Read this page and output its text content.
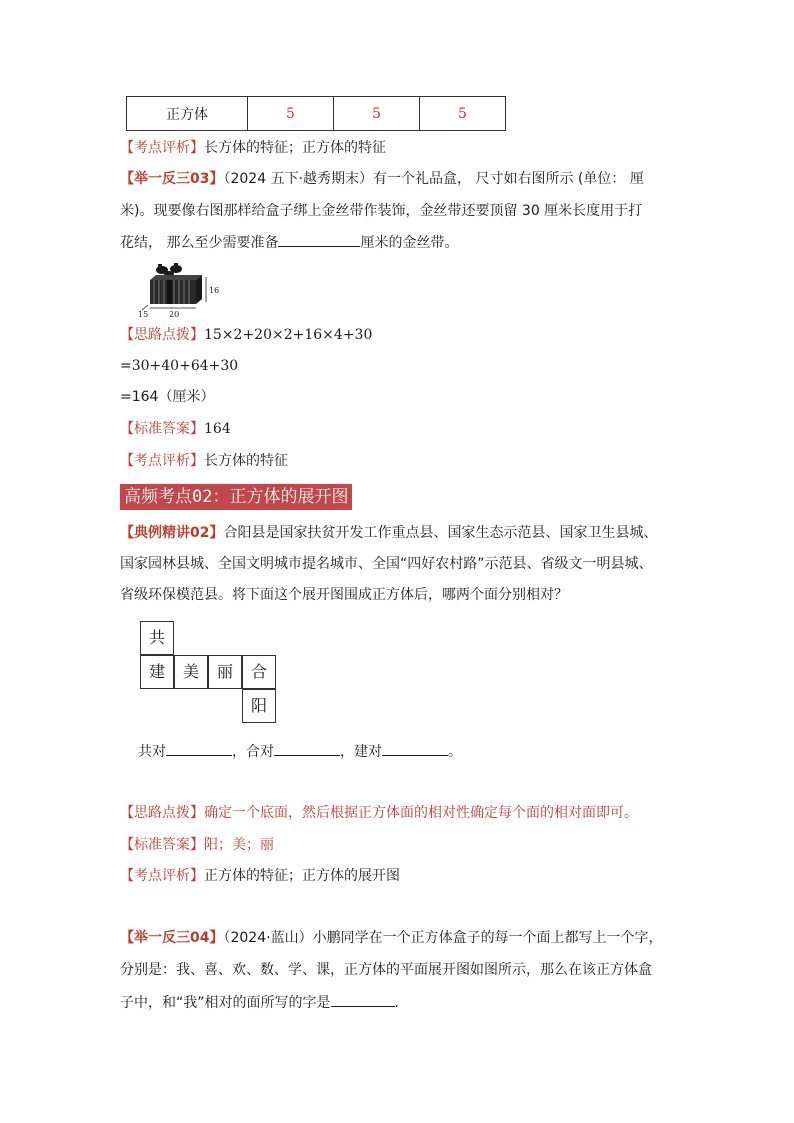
正方体	5	5	5
【考点评析】长方体的特征；正方体的特征
【举一反三03】（2024 五下·越秀期末）有一个礼品盒， 尺寸如右图所示 (单位： 厘
米)。现要像右图那样给盒子绑上金丝带作装饰，金丝带还要顶留 30 厘米长度用于打
花结， 那么至少需要准备	厘米的金丝带。
16
20
15
【思路点拨】15×2+20×2+16×4+30
=30+40+64+30
=164（厘米）
【标准答案】164
【考点评析】长方体的特征
高频考点02：正方体的展开图
【典例精讲02】合阳县是国家扶贫开发工作重点县、国家生态示范县、国家卫生县城、
国家园林县城、全国文明城市提名城市、全国“四好农村路”示范县、省级文一明县城、
省级环保模范县。将下面这个展开图围成正方体后，哪两个面分别相对？
共
建	美	丽	合
阳
共对	，合对	，建对	。
【思路点拨】确定一个底面，然后根据正方体面的相对性确定每个面的相对面即可。
【标准答案】阳；美；丽
【考点评析】正方体的特征；正方体的展开图
【举一反三04】（2024·蓝山）小鹏同学在一个正方体盒子的每一个面上都写上一个字，
分别是：我、喜、欢、数、学、课，正方体的平面展开图如图所示，那么在该正方体盒
子中，和“我”相对的面所写的字是	.
